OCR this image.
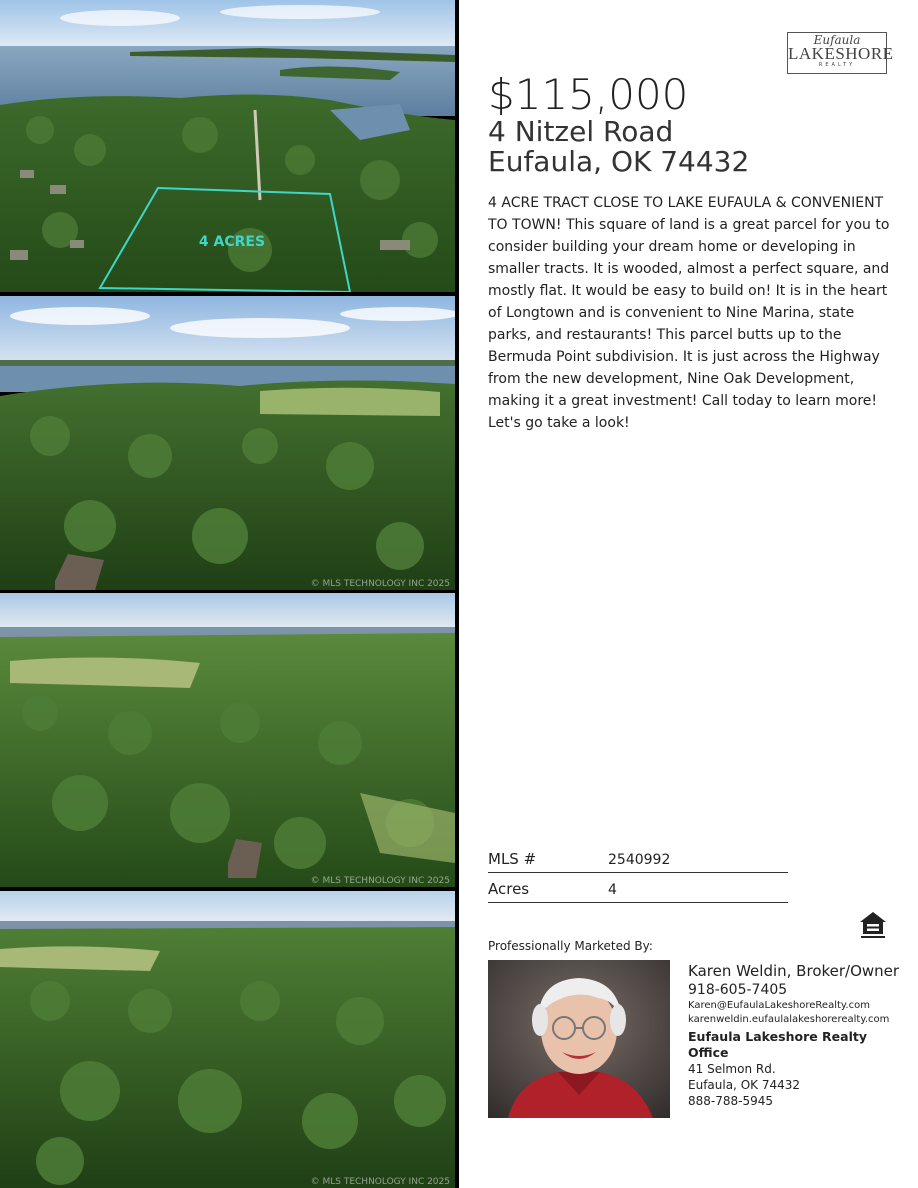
4 ACRES
© MLS TECHNOLOGY INC 2025
© MLS TECHNOLOGY INC 2025
© MLS TECHNOLOGY INC 2025
Eufaula
LAKESHORE
REALTY
$115,000
4 Nitzel Road
Eufaula, OK 74432
4 ACRE TRACT CLOSE TO LAKE EUFAULA & CONVENIENT TO TOWN! This square of land is a great parcel for you to consider building your dream home or developing in smaller tracts. It is wooded, almost a perfect square, and mostly flat. It would be easy to build on! It is in the heart of Longtown and is convenient to Nine Marina, state parks, and restaurants! This parcel butts up to the Bermuda Point subdivision. It is just across the Highway from the new development, Nine Oak Development, making it a great investment! Call today to learn more! Let's go take a look!
MLS #	2540992
Acres	4
Professionally Marketed By:
Karen Weldin, Broker/Owner
918-605-7405
Karen@EufaulaLakeshoreRealty.com
karenweldin.eufaulalakeshorerealty.com
Eufaula Lakeshore Realty Office
41 Selmon Rd.
Eufaula, OK 74432
888-788-5945
